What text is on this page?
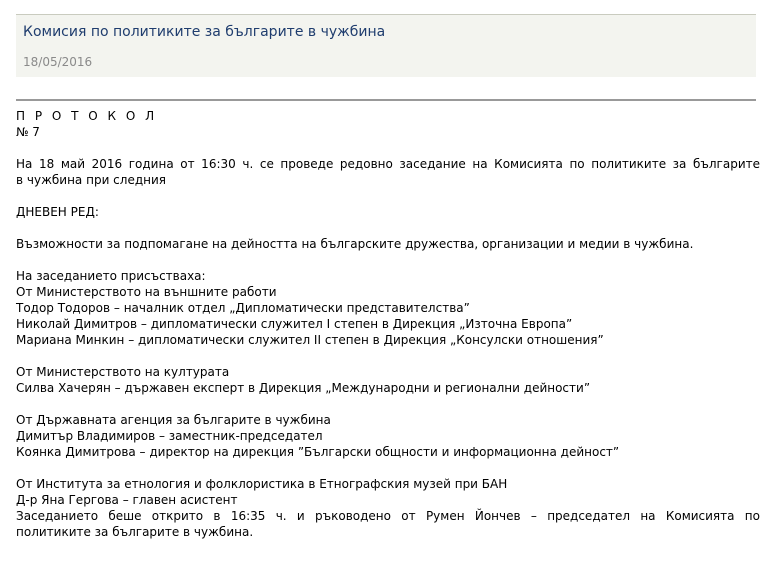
Комисия по политиките за българите в чужбина
18/05/2016
П Р О Т О К О Л
№ 7
На 18 май 2016 година от 16:30 ч. се проведе редовно заседание на Комисията по политиките за българите
в чужбина при следния
ДНЕВЕН РЕД:
Възможности за подпомагане на дейността на българските дружества, организации и медии в чужбина.
На заседанието присъстваха:
От Министерството на външните работи
Тодор Тодоров – началник отдел „Дипломатически представителства”
Николай Димитров – дипломатически служител I степен в Дирекция „Източна Европа”
Мариана Минкин – дипломатически служител II степен в Дирекция „Консулски отношения”
От Министерството на културата
Силва Хачерян – държавен експерт в Дирекция „Международни и регионални дейности”
От Държавната агенция за българите в чужбина
Димитър Владимиров – заместник-председател
Коянка Димитрова – директор на дирекция ”Български общности и информационна дейност”
От Института за етнология и фолклористика в Етнографския музей при БАН
Д-р Яна Гергова – главен асистент
Заседанието беше открито в 16:35 ч. и ръководено от Румен Йончев – председател на Комисията по
политиките за българите в чужбина.
